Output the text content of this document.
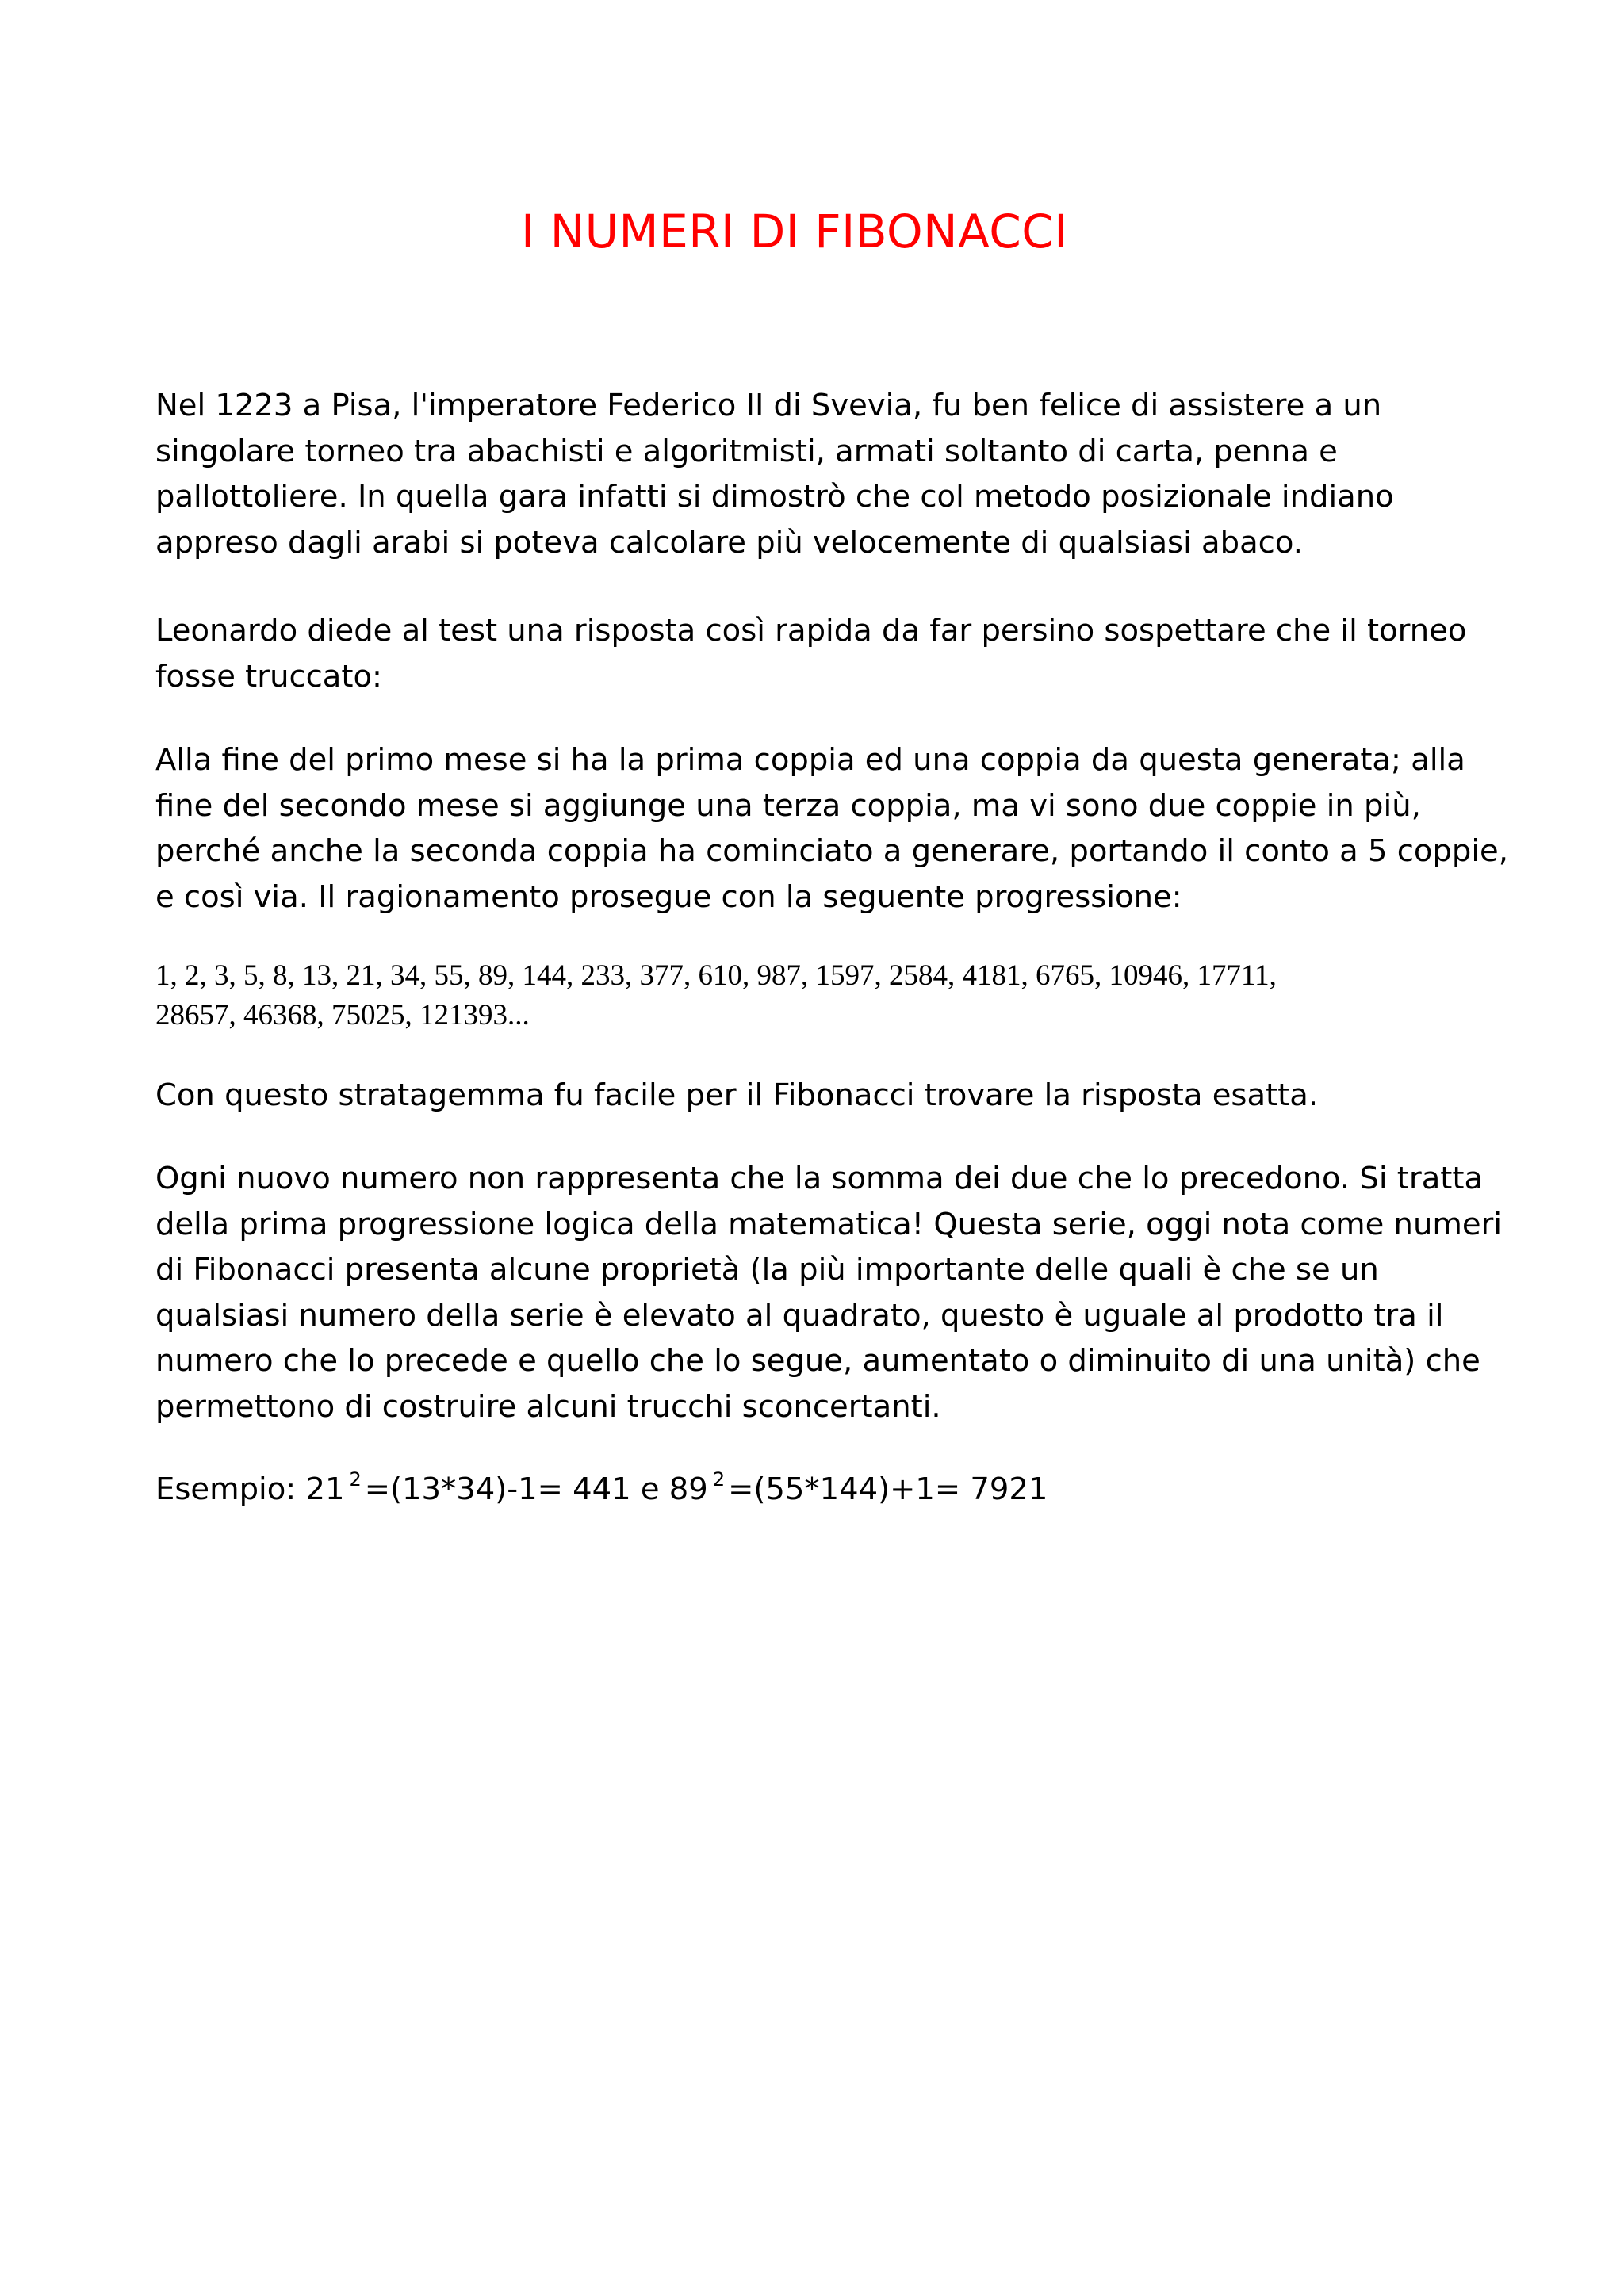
I NUMERI DI FIBONACCI

Nel 1223 a Pisa, l'imperatore Federico II di Svevia, fu ben felice di assistere a un
singolare torneo tra abachisti e algoritmisti, armati soltanto di carta, penna e
pallottoliere. In quella gara infatti si dimostrò che col metodo posizionale indiano
appreso dagli arabi si poteva calcolare più velocemente di qualsiasi abaco.

Leonardo diede al test una risposta così rapida da far persino sospettare che il torneo
fosse truccato:

Alla fine del primo mese si ha la prima coppia ed una coppia da questa generata; alla
fine del secondo mese si aggiunge una terza coppia, ma vi sono due coppie in più,
perché anche la seconda coppia ha cominciato a generare, portando il conto a 5 coppie,
e così via. Il ragionamento prosegue con la seguente progressione:

1, 2, 3, 5, 8, 13, 21, 34, 55, 89, 144, 233, 377, 610, 987, 1597, 2584, 4181, 6765, 10946, 17711,
28657, 46368, 75025, 121393...

Con questo stratagemma fu facile per il Fibonacci trovare la risposta esatta.

Ogni nuovo numero non rappresenta che la somma dei due che lo precedono. Si tratta
della prima progressione logica della matematica! Questa serie, oggi nota come numeri
di Fibonacci presenta alcune proprietà (la più importante delle quali è che se un
qualsiasi numero della serie è elevato al quadrato, questo è uguale al prodotto tra il
numero che lo precede e quello che lo segue, aumentato o diminuito di una unità) che
permettono di costruire alcuni trucchi sconcertanti.

Esempio: 21 $^2$ =(13*34)-1= 441 e 89 $^2$ =(55*144)+1= 7921
